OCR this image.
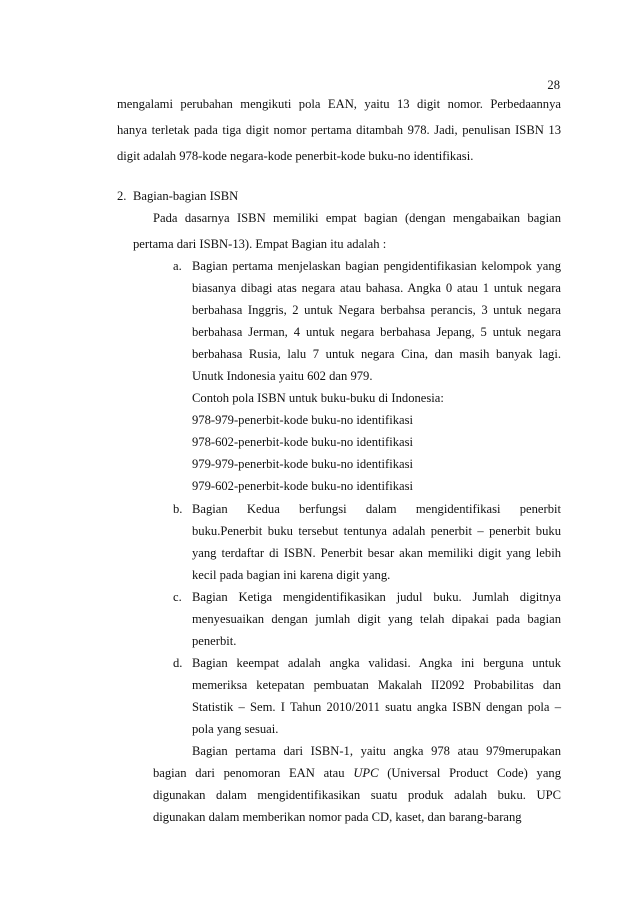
28
mengalami perubahan mengikuti pola EAN, yaitu 13 digit nomor. Perbedaannya
hanya terletak pada tiga digit nomor pertama ditambah 978. Jadi, penulisan ISBN 13
digit adalah 978-kode negara-kode penerbit-kode buku-no identifikasi.
2. Bagian-bagian ISBN
Pada dasarnya ISBN memiliki empat bagian (dengan mengabaikan bagian
pertama dari ISBN-13). Empat Bagian itu adalah :
a. Bagian pertama menjelaskan bagian pengidentifikasian kelompok yang
biasanya dibagi atas negara atau bahasa. Angka 0 atau 1 untuk negara
berbahasa Inggris, 2 untuk Negara berbahsa perancis, 3 untuk negara
berbahasa Jerman, 4 untuk negara berbahasa Jepang, 5 untuk negara
berbahasa Rusia, lalu 7 untuk negara Cina, dan masih banyak lagi.
Unutk Indonesia yaitu 602 dan 979.
Contoh pola ISBN untuk buku-buku di Indonesia:
978-979-penerbit-kode buku-no identifikasi
978-602-penerbit-kode buku-no identifikasi
979-979-penerbit-kode buku-no identifikasi
979-602-penerbit-kode buku-no identifikasi
b. Bagian Kedua berfungsi dalam mengidentifikasi penerbit
buku.Penerbit buku tersebut tentunya adalah penerbit – penerbit buku
yang terdaftar di ISBN. Penerbit besar akan memiliki digit yang lebih
kecil pada bagian ini karena digit yang.
c. Bagian Ketiga mengidentifikasikan judul buku. Jumlah digitnya
menyesuaikan dengan jumlah digit yang telah dipakai pada bagian
penerbit.
d. Bagian keempat adalah angka validasi. Angka ini berguna untuk
memeriksa ketepatan pembuatan Makalah II2092 Probabilitas dan
Statistik – Sem. I Tahun 2010/2011 suatu angka ISBN dengan pola –
pola yang sesuai.
Bagian pertama dari ISBN-1, yaitu angka 978 atau 979merupakan
bagian dari penomoran EAN atau UPC (Universal Product Code) yang
digunakan dalam mengidentifikasikan suatu produk adalah buku. UPC
digunakan dalam memberikan nomor pada CD, kaset, dan barang-barang
